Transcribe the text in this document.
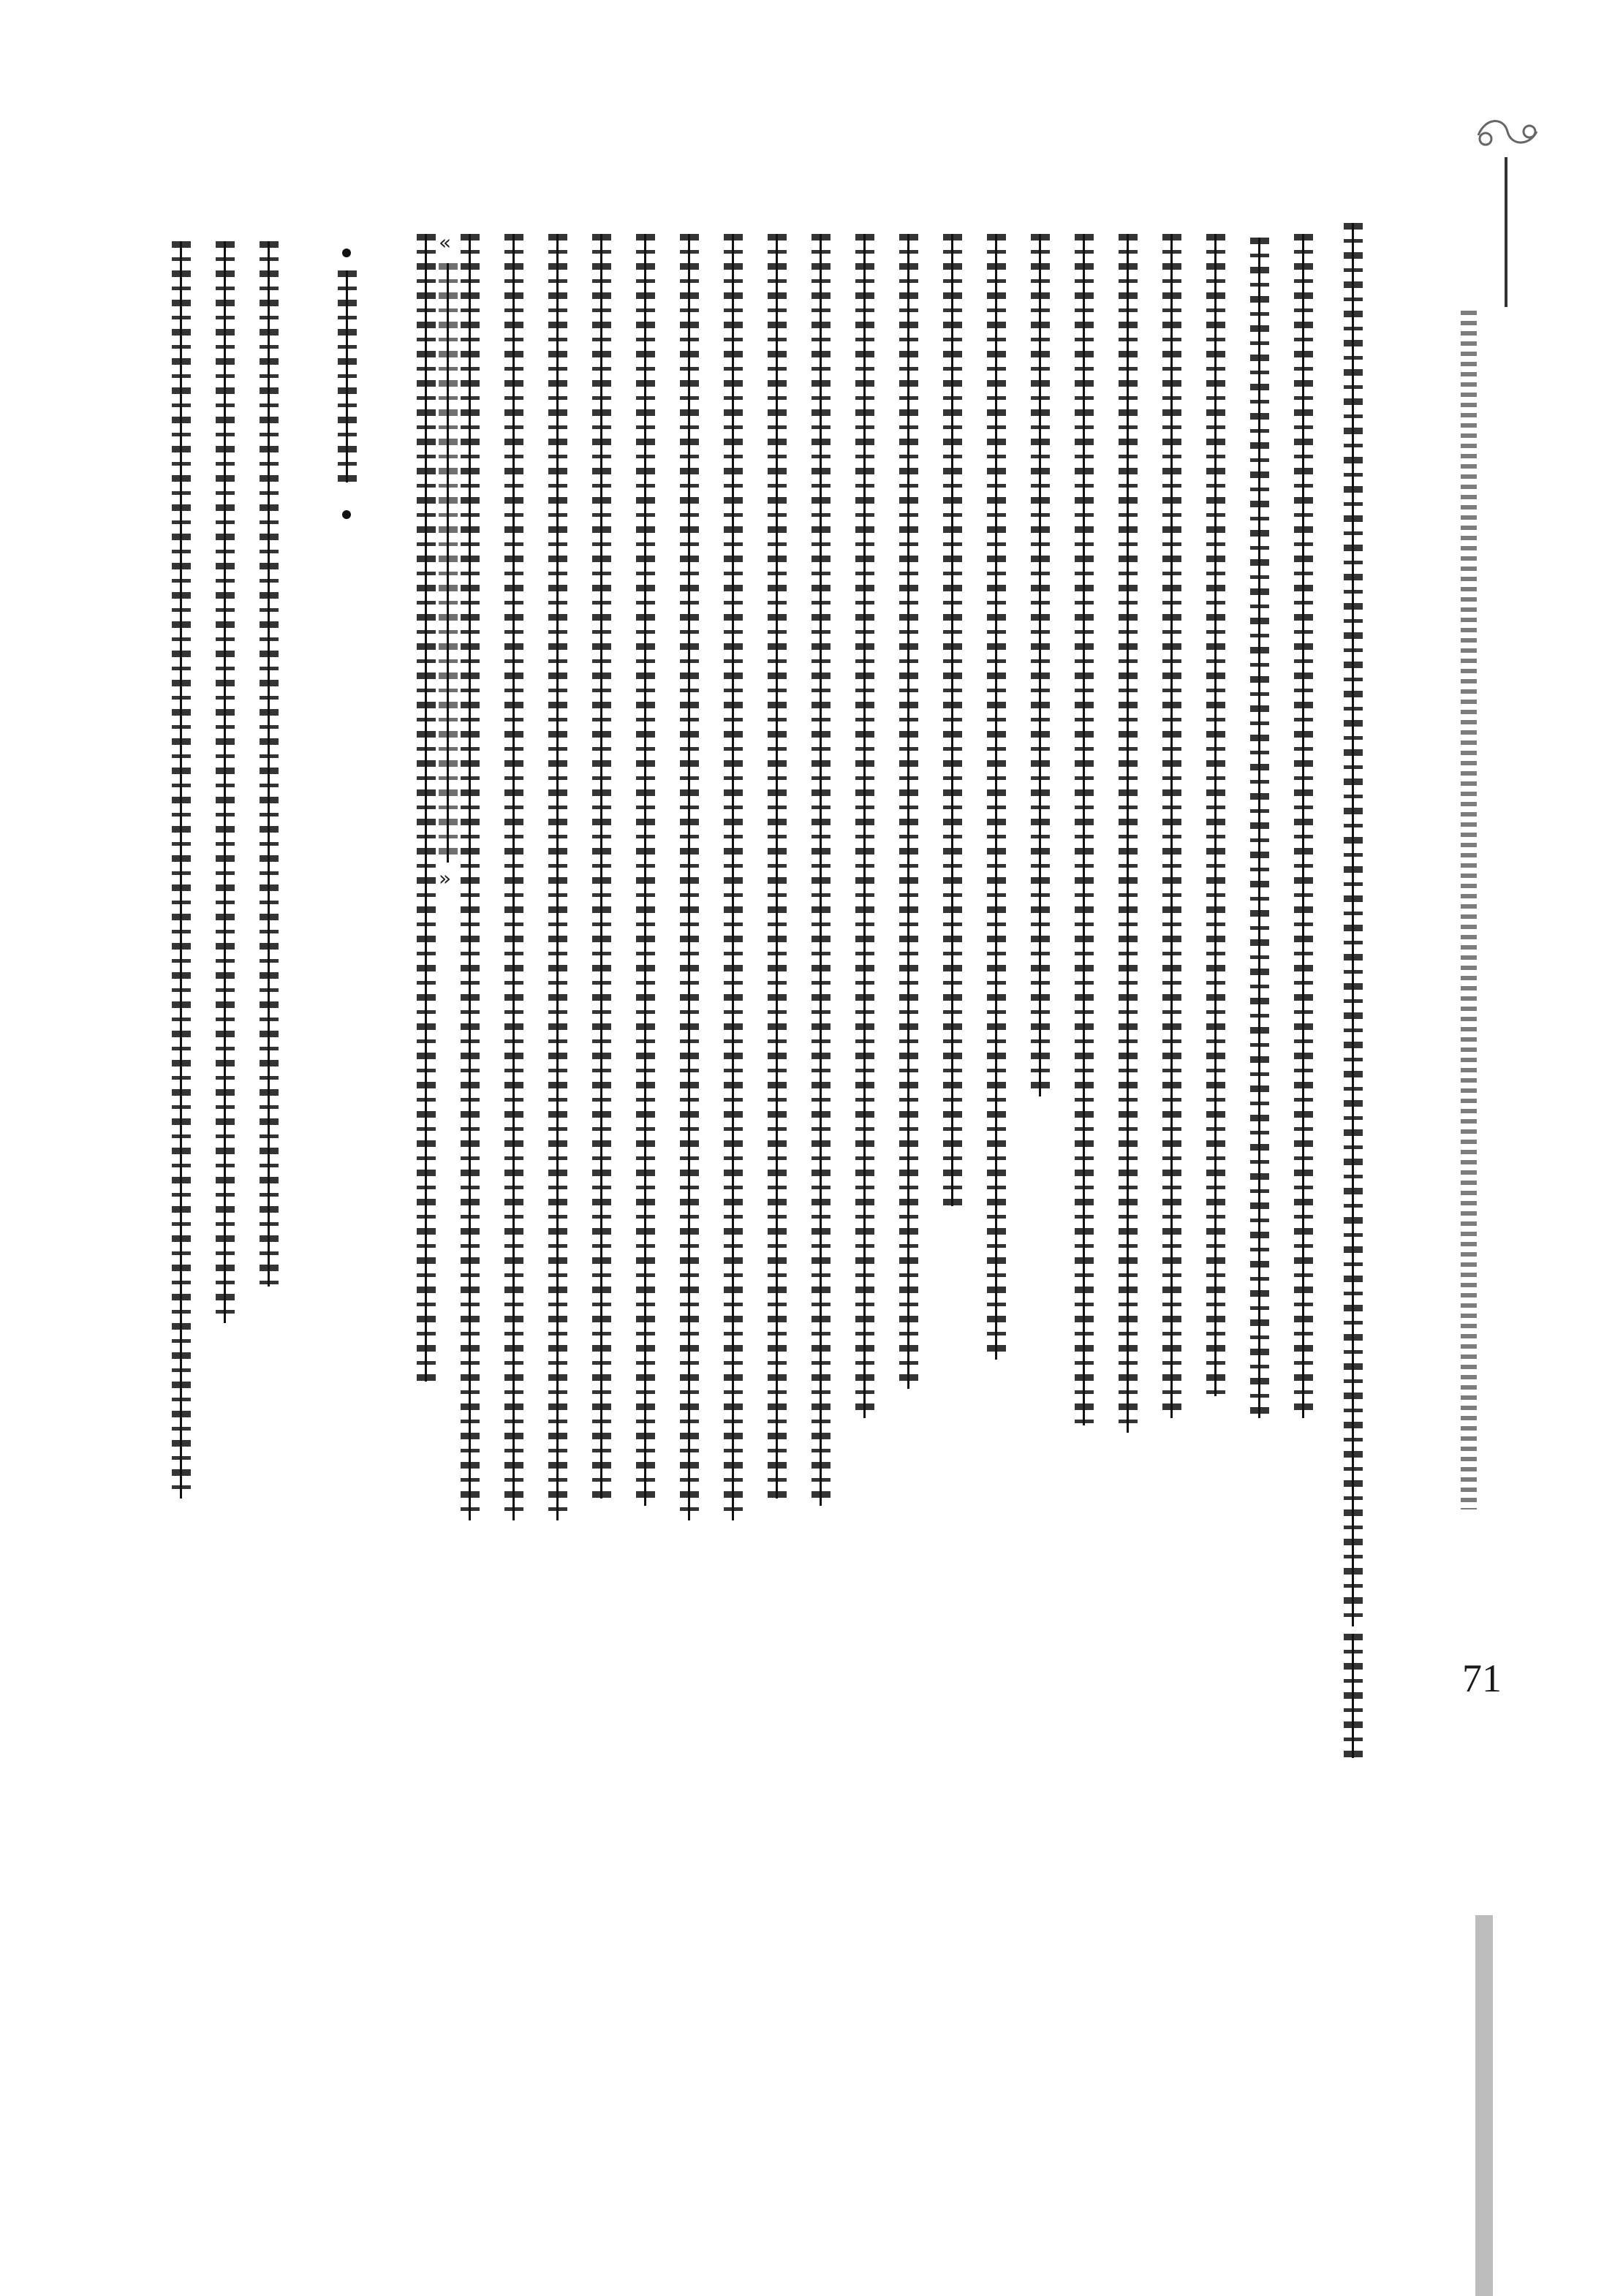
71
«
»
